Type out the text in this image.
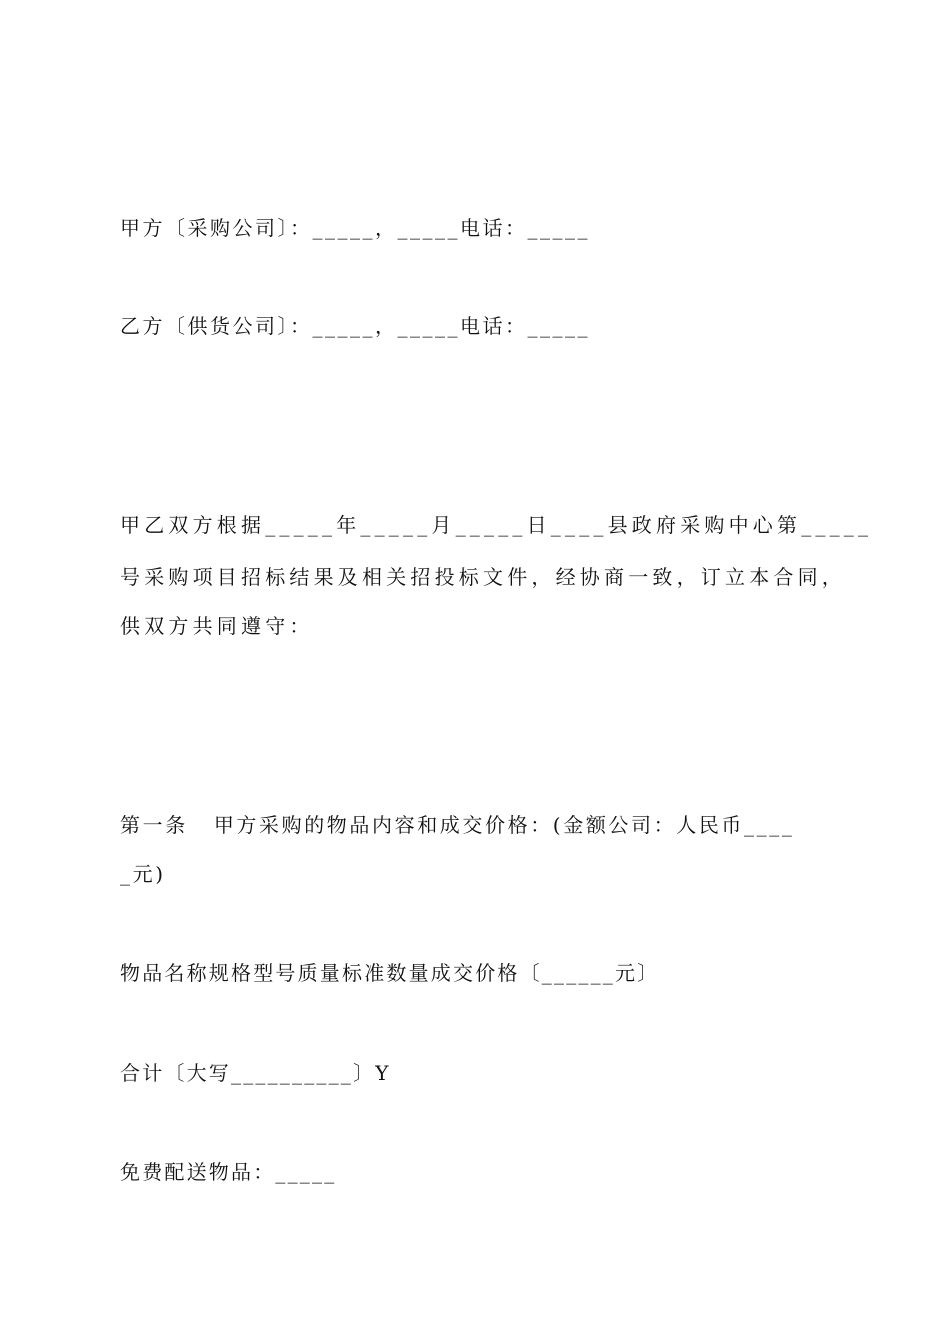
甲方〔采购公司〕：_____，_____电话：_____
乙方〔供货公司〕：_____，_____电话：_____
甲乙双方根据_____年_____月_____日____县政府采购中心第_____
号采购项目招标结果及相关招投标文件，经协商一致，订立本合同，
供双方共同遵守：
第一条 甲方采购的物品内容和成交价格：(金额公司：人民币____
_元)
物品名称规格型号质量标准数量成交价格〔______元〕
合计〔大写__________〕Y
免费配送物品：_____
